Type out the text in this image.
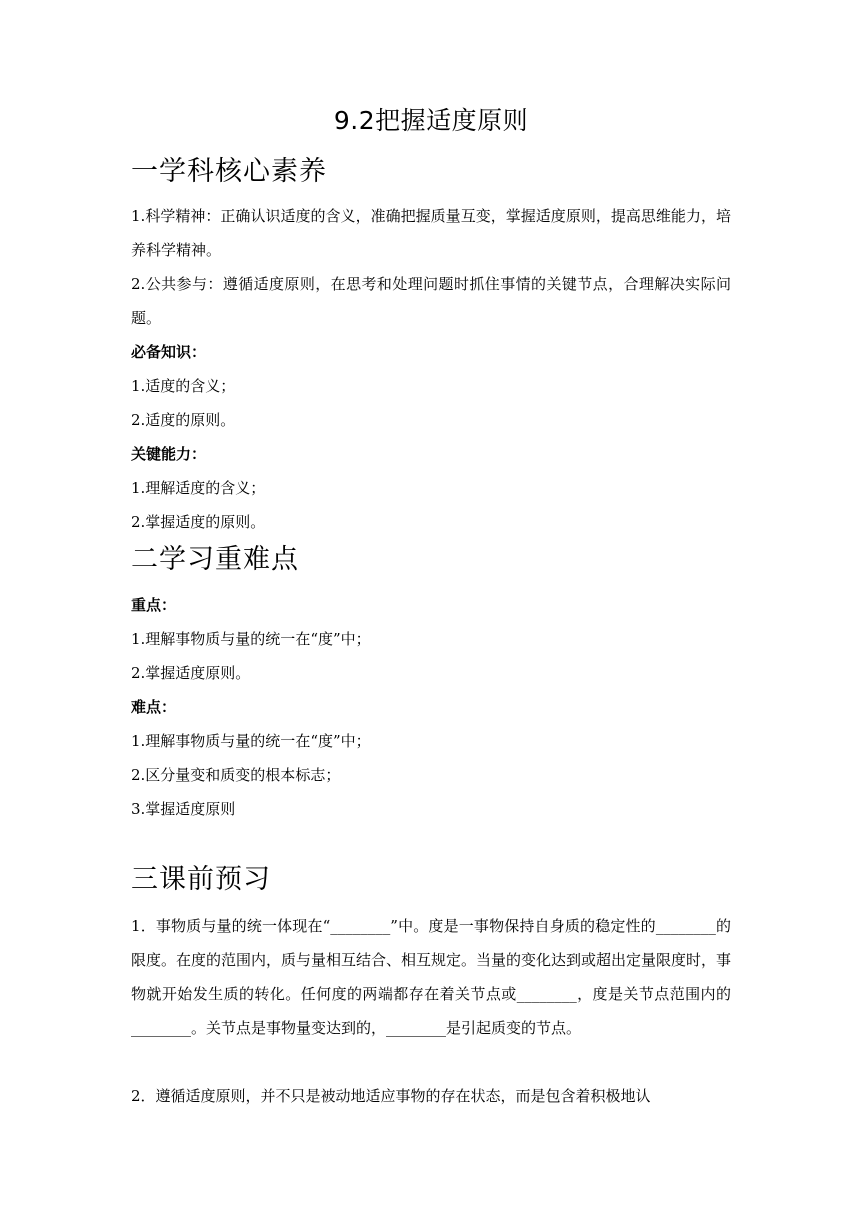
9.2把握适度原则
一学科核心素养
1.科学精神：正确认识适度的含义，准确把握质量互变，掌握适度原则，提高思维能力，培养科学精神。
2.公共参与：遵循适度原则，在思考和处理问题时抓住事情的关键节点，合理解决实际问题。
必备知识：
1.适度的含义；
2.适度的原则。
关键能力：
1.理解适度的含义；
2.掌握适度的原则。
二学习重难点
重点：
1.理解事物质与量的统一在“度”中；
2.掌握适度原则。
难点：
1.理解事物质与量的统一在“度”中；
2.区分量变和质变的根本标志；
3.掌握适度原则
三课前预习
1．事物质与量的统一体现在“________”中。度是一事物保持自身质的稳定性的________的限度。在度的范围内，质与量相互结合、相互规定。当量的变化达到或超出定量限度时，事物就开始发生质的转化。任何度的两端都存在着关节点或________，度是关节点范围内的________。关节点是事物量变达到的，________是引起质变的节点。
2．遵循适度原则，并不只是被动地适应事物的存在状态，而是包含着积极地认
